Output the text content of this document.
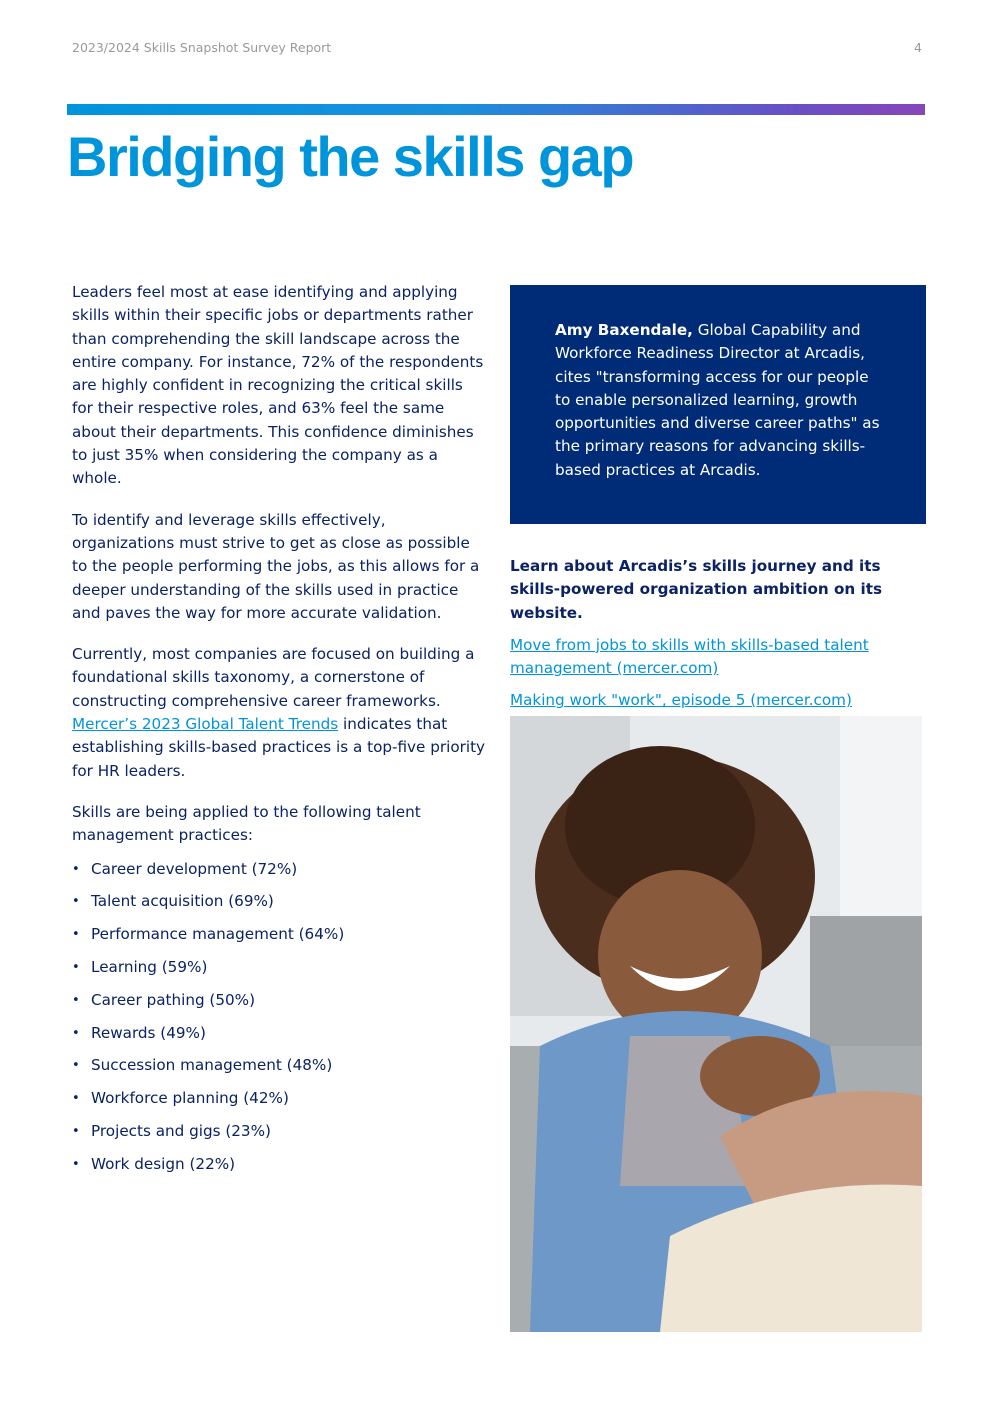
2023/2024 Skills Snapshot Survey Report	4
Bridging the skills gap

Leaders feel most at ease identifying and applying skills within their specific jobs or departments rather than comprehending the skill landscape across the entire company. For instance, 72% of the respondents are highly confident in recognizing the critical skills for their respective roles, and 63% feel the same about their departments. This confidence diminishes to just 35% when considering the company as a whole.

To identify and leverage skills effectively, organizations must strive to get as close as possible to the people performing the jobs, as this allows for a deeper understanding of the skills used in practice and paves the way for more accurate validation.

Currently, most companies are focused on building a foundational skills taxonomy, a cornerstone of constructing comprehensive career frameworks. Mercer’s 2023 Global Talent Trends indicates that establishing skills-based practices is a top-five priority for HR leaders.

Skills are being applied to the following talent management practices:

• Career development (72%)
• Talent acquisition (69%)
• Performance management (64%)
• Learning (59%)
• Career pathing (50%)
• Rewards (49%)
• Succession management (48%)
• Workforce planning (42%)
• Projects and gigs (23%)
• Work design (22%)
Amy Baxendale, Global Capability and Workforce Readiness Director at Arcadis, cites "transforming access for our people to enable personalized learning, growth opportunities and diverse career paths" as the primary reasons for advancing skills-based practices at Arcadis.

Learn about Arcadis’s skills journey and its skills-powered organization ambition on its website.

Move from jobs to skills with skills-based talent management (mercer.com)

Making work "work", episode 5 (mercer.com)
